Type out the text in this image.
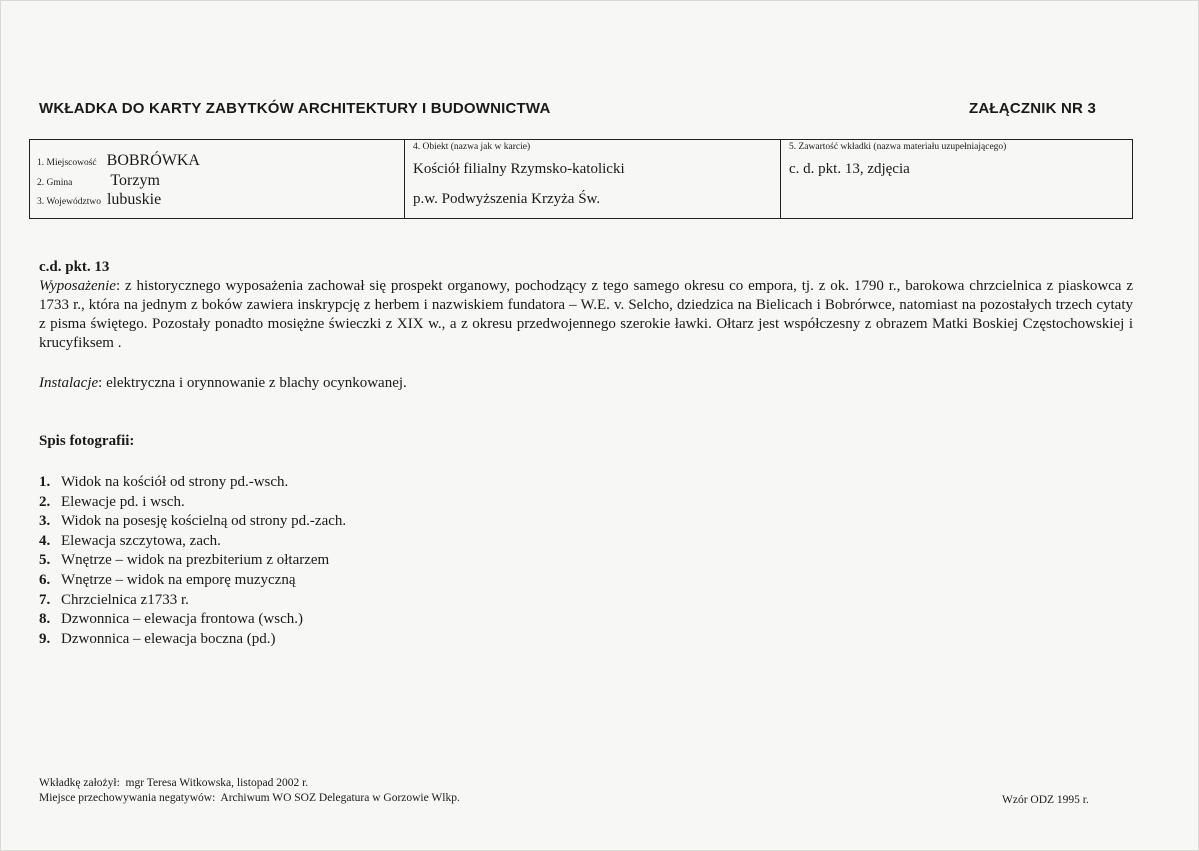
WKŁADKA DO KARTY ZABYTKÓW ARCHITEKTURY I BUDOWNICTWA	ZAŁĄCZNIK NR 3
1. Miejscowość BOBRÓWKA
2. Gmina Torzym
3. Województwo lubuskie
4. Obiekt (nazwa jak w karcie)
Kościół filialny Rzymsko-katolicki
p.w. Podwyższenia Krzyża Św.
5. Zawartość wkładki (nazwa materiału uzupełniającego)
c. d. pkt. 13, zdjęcia
c.d. pkt. 13

Wyposażenie: z historycznego wyposażenia zachował się prospekt organowy, pochodzący z tego samego okresu co empora, tj. z ok. 1790 r., barokowa chrzcielnica z piaskowca z 1733 r., która na jednym z boków zawiera inskrypcję z herbem i nazwiskiem fundatora – W.E. v. Selcho, dziedzica na Bielicach i Bobrórwce, natomiast na pozostałych trzech cytaty z pisma świętego. Pozostały ponadto mosiężne świeczki z XIX w., a z okresu przedwojennego szerokie ławki. Ołtarz jest współczesny z obrazem Matki Boskiej Częstochowskiej i krucyfiksem .

Instalacje: elektryczna i orynnowanie z blachy ocynkowanej.
Spis fotografii:
1. Widok na kościół od strony pd.-wsch.
2. Elewacje pd. i wsch.
3. Widok na posesję kościelną od strony pd.-zach.
4. Elewacja szczytowa, zach.
5. Wnętrze – widok na prezbiterium z ołtarzem
6. Wnętrze – widok na emporę muzyczną
7. Chrzcielnica z1733 r.
8. Dzwonnica – elewacja frontowa (wsch.)
9. Dzwonnica – elewacja boczna (pd.)
Wkładkę założył: mgr Teresa Witkowska, listopad 2002 r.
Miejsce przechowywania negatywów: Archiwum WO SOZ Delegatura w Gorzowie Wlkp.	Wzór ODZ 1995 r.
